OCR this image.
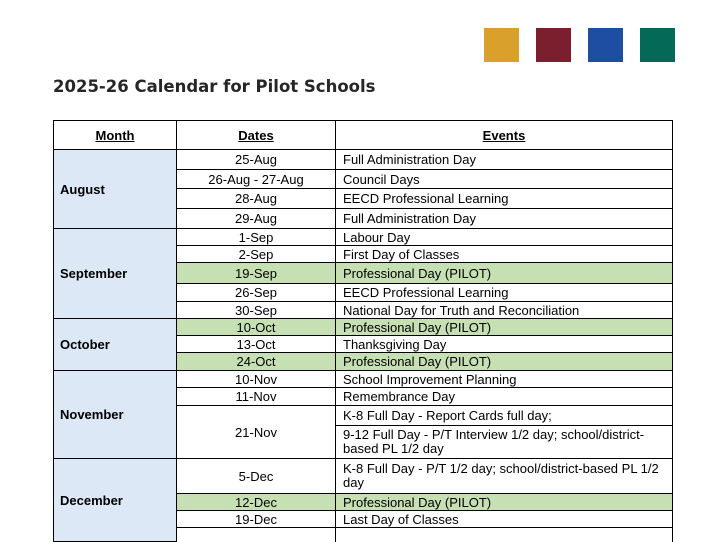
2025-26 Calendar for Pilot Schools
Month	Dates	Events
August	25-Aug	Full Administration Day
	26-Aug - 27-Aug	Council Days
	28-Aug	EECD Professional Learning
	29-Aug	Full Administration Day
September	1-Sep	Labour Day
	2-Sep	First Day of Classes
	19-Sep	Professional Day (PILOT)
	26-Sep	EECD Professional Learning
	30-Sep	National Day for Truth and Reconciliation
October	10-Oct	Professional Day (PILOT)
	13-Oct	Thanksgiving Day
	24-Oct	Professional Day (PILOT)
November	10-Nov	School Improvement Planning
	11-Nov	Remembrance Day
	21-Nov	K-8 Full Day - Report Cards full day;
		9-12 Full Day - P/T Interview 1/2 day; school/district-based PL 1/2 day
December	5-Dec	K-8 Full Day - P/T 1/2 day; school/district-based PL 1/2 day
	12-Dec	Professional Day (PILOT)
	19-Dec	Last Day of Classes
